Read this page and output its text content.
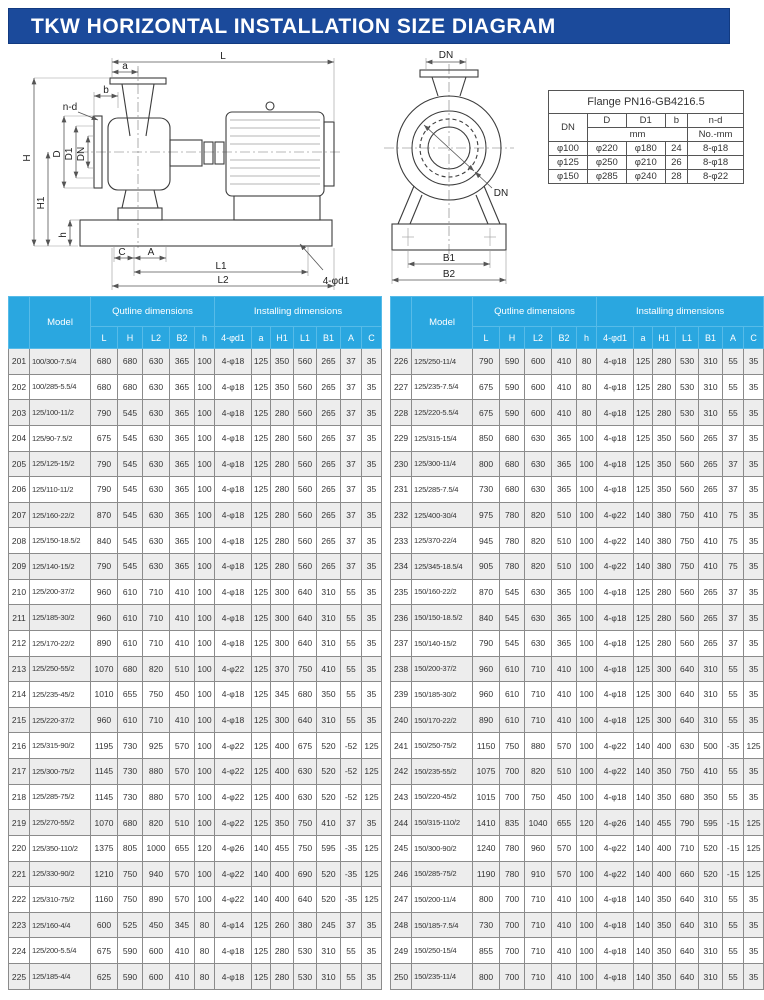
TKW HORIZONTAL INSTALLATION SIZE DIAGRAM
L
a
b
n-d
H
H1
D D1 DN
h
C A
L1
L2	4-φd1
DN
DN
B1
B2
Flange PN16-GB4216.5				
DN	D	D1	b	n-d
	mm			No.-mm
φ100	φ220	φ180	24	8-φ18
φ125	φ250	φ210	26	8-φ18
φ150	φ285	φ240	28	8-φ22
	Model	Qutline dimensions					Installing dimensions						
		L	H	L2	B2	h	4-φd1	a	H1	L1	B1	A	C
201	100/300-7.5/4	680	680	630	365	100	4-φ18	125	350	560	265	37	35
202	100/285-5.5/4	680	680	630	365	100	4-φ18	125	350	560	265	37	35
203	125/100-11/2	790	545	630	365	100	4-φ18	125	280	560	265	37	35
204	125/90-7.5/2	675	545	630	365	100	4-φ18	125	280	560	265	37	35
205	125/125-15/2	790	545	630	365	100	4-φ18	125	280	560	265	37	35
206	125/110-11/2	790	545	630	365	100	4-φ18	125	280	560	265	37	35
207	125/160-22/2	870	545	630	365	100	4-φ18	125	280	560	265	37	35
208	125/150-18.5/2	840	545	630	365	100	4-φ18	125	280	560	265	37	35
209	125/140-15/2	790	545	630	365	100	4-φ18	125	280	560	265	37	35
210	125/200-37/2	960	610	710	410	100	4-φ18	125	300	640	310	55	35
211	125/185-30/2	960	610	710	410	100	4-φ18	125	300	640	310	55	35
212	125/170-22/2	890	610	710	410	100	4-φ18	125	300	640	310	55	35
213	125/250-55/2	1070	680	820	510	100	4-φ22	125	370	750	410	55	35
214	125/235-45/2	1010	655	750	450	100	4-φ18	125	345	680	350	55	35
215	125/220-37/2	960	610	710	410	100	4-φ18	125	300	640	310	55	35
216	125/315-90/2	1195	730	925	570	100	4-φ22	125	400	675	520	-52	125
217	125/300-75/2	1145	730	880	570	100	4-φ22	125	400	630	520	-52	125
218	125/285-75/2	1145	730	880	570	100	4-φ22	125	400	630	520	-52	125
219	125/270-55/2	1070	680	820	510	100	4-φ22	125	350	750	410	37	35
220	125/350-110/2	1375	805	1000	655	120	4-φ26	140	455	750	595	-35	125
221	125/330-90/2	1210	750	940	570	100	4-φ22	140	400	690	520	-35	125
222	125/310-75/2	1160	750	890	570	100	4-φ22	140	400	640	520	-35	125
223	125/160-4/4	600	525	450	345	80	4-φ14	125	260	380	245	37	35
224	125/200-5.5/4	675	590	600	410	80	4-φ18	125	280	530	310	55	35
225	125/185-4/4	625	590	600	410	80	4-φ18	125	280	530	310	55	35
	Model	Qutline dimensions					Installing dimensions						
		L	H	L2	B2	h	4-φd1	a	H1	L1	B1	A	C
226	125/250-11/4	790	590	600	410	80	4-φ18	125	280	530	310	55	35
227	125/235-7.5/4	675	590	600	410	80	4-φ18	125	280	530	310	55	35
228	125/220-5.5/4	675	590	600	410	80	4-φ18	125	280	530	310	55	35
229	125/315-15/4	850	680	630	365	100	4-φ18	125	350	560	265	37	35
230	125/300-11/4	800	680	630	365	100	4-φ18	125	350	560	265	37	35
231	125/285-7.5/4	730	680	630	365	100	4-φ18	125	350	560	265	37	35
232	125/400-30/4	975	780	820	510	100	4-φ22	140	380	750	410	75	35
233	125/370-22/4	945	780	820	510	100	4-φ22	140	380	750	410	75	35
234	125/345-18.5/4	905	780	820	510	100	4-φ22	140	380	750	410	75	35
235	150/160-22/2	870	545	630	365	100	4-φ18	125	280	560	265	37	35
236	150/150-18.5/2	840	545	630	365	100	4-φ18	125	280	560	265	37	35
237	150/140-15/2	790	545	630	365	100	4-φ18	125	280	560	265	37	35
238	150/200-37/2	960	610	710	410	100	4-φ18	125	300	640	310	55	35
239	150/185-30/2	960	610	710	410	100	4-φ18	125	300	640	310	55	35
240	150/170-22/2	890	610	710	410	100	4-φ18	125	300	640	310	55	35
241	150/250-75/2	1150	750	880	570	100	4-φ22	140	400	630	500	-35	125
242	150/235-55/2	1075	700	820	510	100	4-φ22	140	350	750	410	55	35
243	150/220-45/2	1015	700	750	450	100	4-φ18	140	350	680	350	55	35
244	150/315-110/2	1410	835	1040	655	120	4-φ26	140	455	790	595	-15	125
245	150/300-90/2	1240	780	960	570	100	4-φ22	140	400	710	520	-15	125
246	150/285-75/2	1190	780	910	570	100	4-φ22	140	400	660	520	-15	125
247	150/200-11/4	800	700	710	410	100	4-φ18	140	350	640	310	55	35
248	150/185-7.5/4	730	700	710	410	100	4-φ18	140	350	640	310	55	35
249	150/250-15/4	855	700	710	410	100	4-φ18	140	350	640	310	55	35
250	150/235-11/4	800	700	710	410	100	4-φ18	140	350	640	310	55	35
